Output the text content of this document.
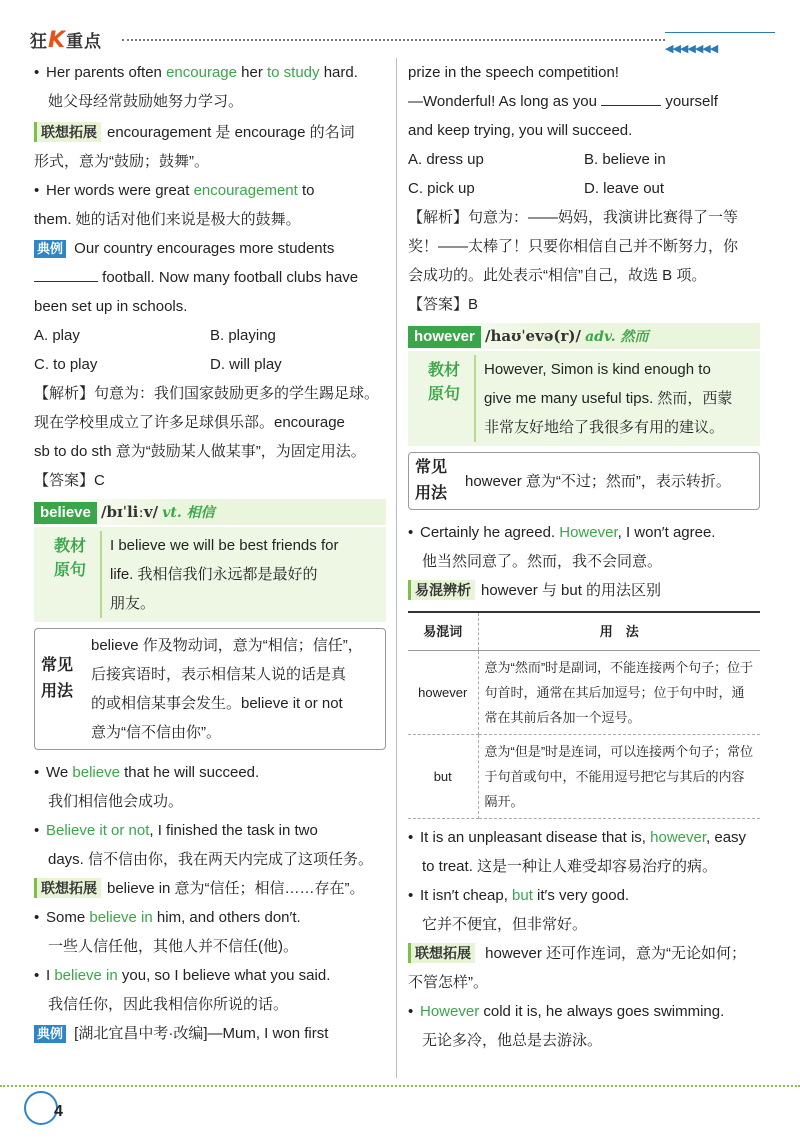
狂K重点	◀◀◀◀◀◀◀
• Her parents often encourage her to study hard.
她父母经常鼓励她努力学习。
联想拓展 encouragement 是 encourage 的名词
形式，意为“鼓励；鼓舞”。
• Her words were great encouragement to
them. 她的话对他们来说是极大的鼓舞。
典例 Our country encourages more students
football. Now many football clubs have
been set up in schools.
A. play	B. playing
C. to play	D. will play
【解析】句意为：我们国家鼓励更多的学生踢足球。
现在学校里成立了许多足球俱乐部。encourage
sb to do sth 意为“鼓励某人做某事”，为固定用法。
【答案】C
believe /bɪˈliːv/ vt. 相信
教材
原句
I believe we will be best friends for
life. 我相信我们永远都是最好的
朋友。
常见
用法
believe 作及物动词，意为“相信；信任”，
后接宾语时，表示相信某人说的话是真
的或相信某事会发生。believe it or not
意为“信不信由你”。
• We believe that he will succeed.
我们相信他会成功。
• Believe it or not, I finished the task in two
days. 信不信由你，我在两天内完成了这项任务。
联想拓展 believe in 意为“信任；相信……存在”。
• Some believe in him, and others don′t.
一些人信任他，其他人并不信任(他)。
• I believe in you, so I believe what you said.
我信任你，因此我相信你所说的话。
典例 [湖北宜昌中考·改编]—Mum, I won first
prize in the speech competition!
—Wonderful! As long as you	yourself
and keep trying, you will succeed.
A. dress up	B. believe in
C. pick up	D. leave out
【解析】句意为：——妈妈，我演讲比赛得了一等
奖！——太棒了！只要你相信自己并不断努力，你
会成功的。此处表示“相信”自己，故选 B 项。
【答案】B
however /haʊˈevə(r)/ adv. 然而
教材
原句
However, Simon is kind enough to
give me many useful tips. 然而，西蒙
非常友好地给了我很多有用的建议。
常见
用法
however 意为“不过；然而”，表示转折。
• Certainly he agreed. However, I won′t agree.
他当然同意了。然而，我不会同意。
易混辨析 however 与 but 的用法区别
易混词	用　法
however	意为“然而”时是副词，不能连接两个句子；位于句首时，通常在其后加逗号；位于句中时，通常在其前后各加一个逗号。
but	意为“但是”时是连词，可以连接两个句子；常位于句首或句中，不能用逗号把它与其后的内容隔开。
• It is an unpleasant disease that is, however, easy
to treat. 这是一种让人难受却容易治疗的病。
• It isn′t cheap, but it′s very good.
它并不便宜，但非常好。
联想拓展 however 还可作连词，意为“无论如何；
不管怎样”。
• However cold it is, he always goes swimming.
无论多冷，他总是去游泳。
4
